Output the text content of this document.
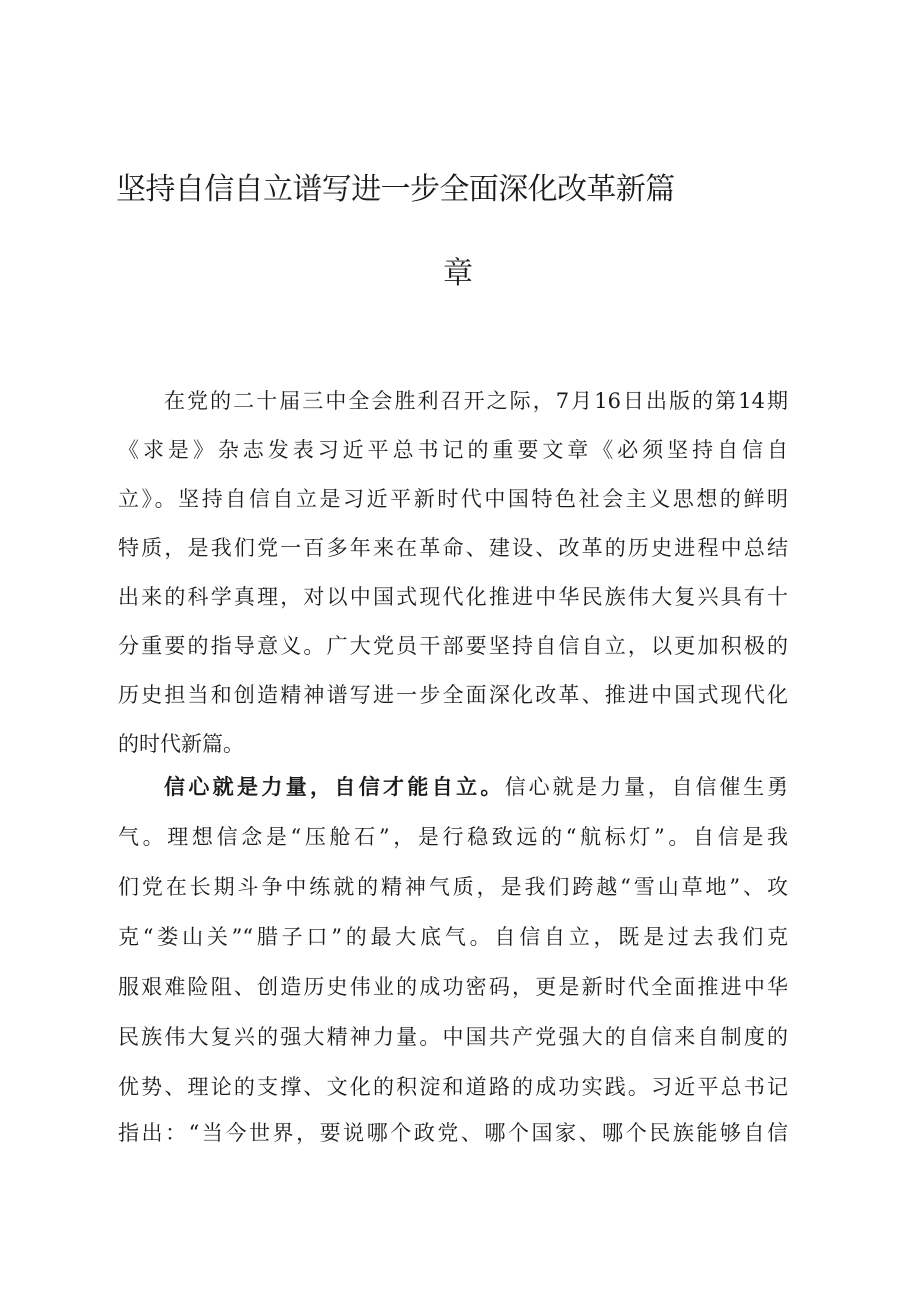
坚持自信自立谱写进一步全面深化改革新篇
章
在党的二十届三中全会胜利召开之际，7月16日出版的第14期
《求是》杂志发表习近平总书记的重要文章《必须坚持自信自
立》。坚持自信自立是习近平新时代中国特色社会主义思想的鲜明
特质，是我们党一百多年来在革命、建设、改革的历史进程中总结
出来的科学真理，对以中国式现代化推进中华民族伟大复兴具有十
分重要的指导意义。广大党员干部要坚持自信自立，以更加积极的
历史担当和创造精神谱写进一步全面深化改革、推进中国式现代化
的时代新篇。
信心就是力量，自信才能自立。信心就是力量，自信催生勇
气。理想信念是“压舱石”，是行稳致远的“航标灯”。自信是我
们党在长期斗争中练就的精神气质，是我们跨越“雪山草地”、攻
克“娄山关”“腊子口”的最大底气。自信自立，既是过去我们克
服艰难险阻、创造历史伟业的成功密码，更是新时代全面推进中华
民族伟大复兴的强大精神力量。中国共产党强大的自信来自制度的
优势、理论的支撑、文化的积淀和道路的成功实践。习近平总书记
指出：“当今世界，要说哪个政党、哪个国家、哪个民族能够自信
